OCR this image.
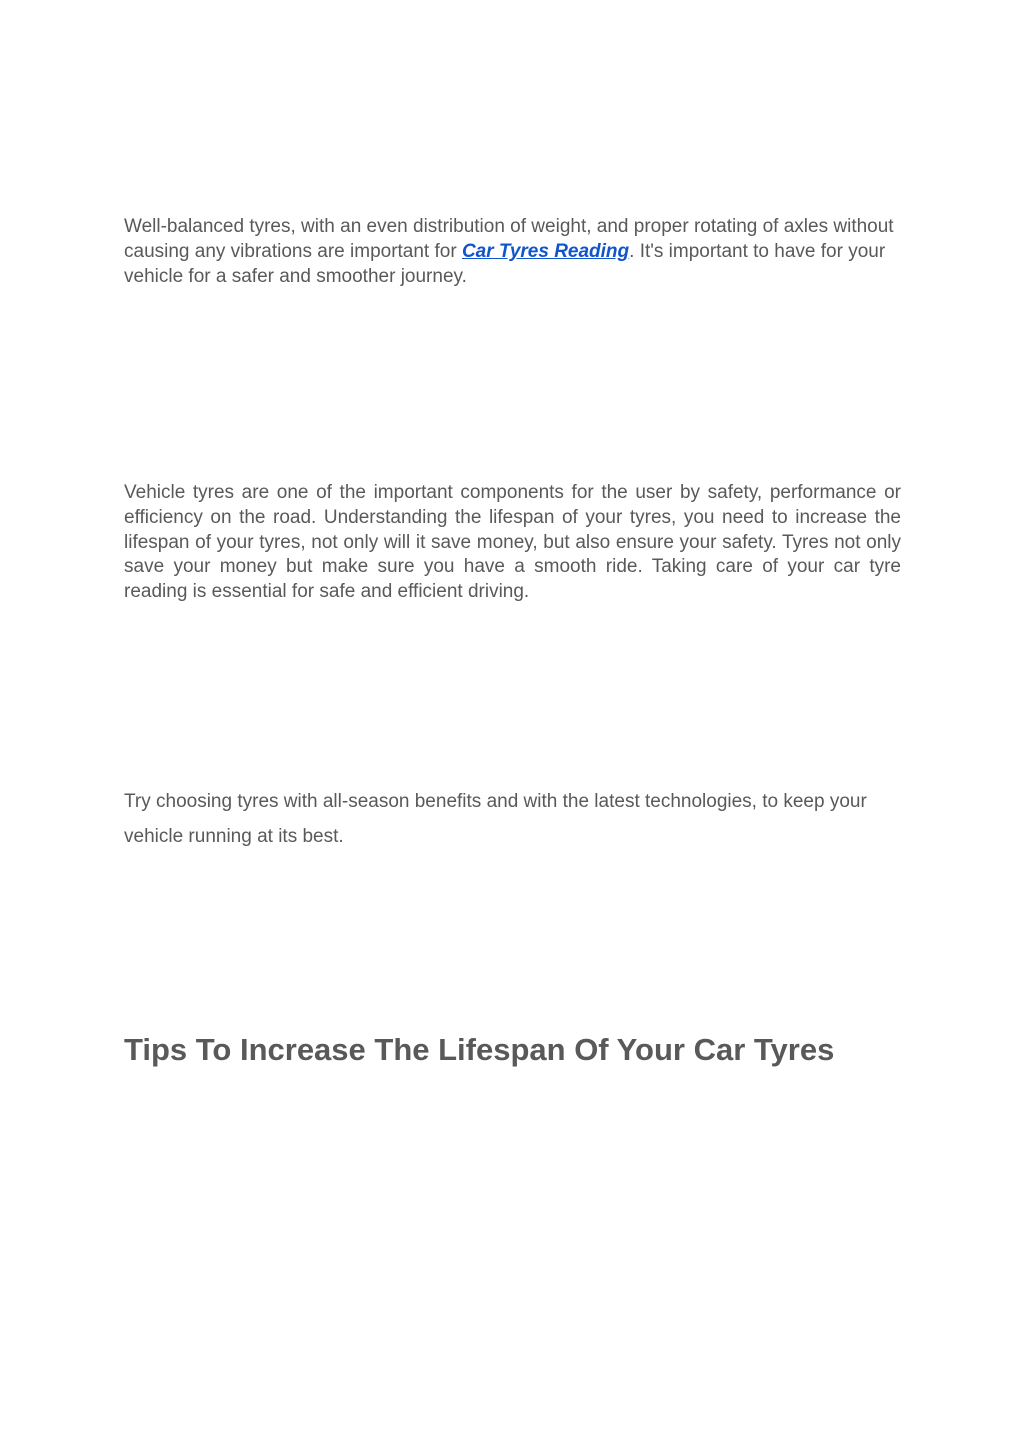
Well-balanced tyres, with an even distribution of weight, and proper rotating of axles without causing any vibrations are important for Car Tyres Reading. It's important to have for your vehicle for a safer and smoother journey.

Vehicle tyres are one of the important components for the user by safety, performance or efficiency on the road. Understanding the lifespan of your tyres, you need to increase the lifespan of your tyres, not only will it save money, but also ensure your safety. Tyres not only save your money but make sure you have a smooth ride. Taking care of your car tyre reading is essential for safe and efficient driving.

Try choosing tyres with all-season benefits and with the latest technologies, to keep your vehicle running at its best.

Tips To Increase The Lifespan Of Your Car Tyres
